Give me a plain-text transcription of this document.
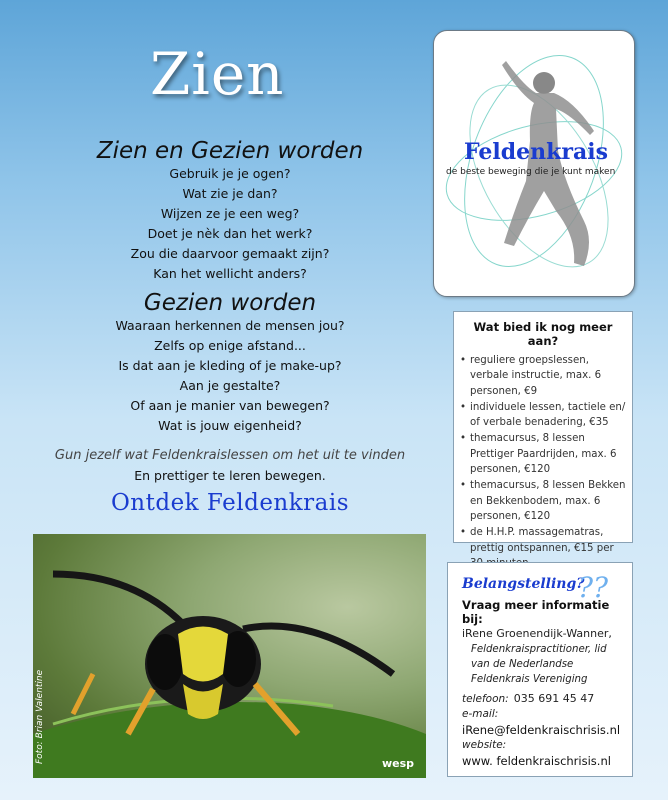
Zien
Zien en Gezien worden
Gebruik je je ogen?
Wat zie je dan?
Wijzen ze je een weg?
Doet je nèk dan het werk?
Zou die daarvoor gemaakt zijn?
Kan het wellicht anders?
Gezien worden
Waaraan herkennen de mensen jou?
Zelfs op enige afstand...
Is dat aan je kleding of je make-up?
Aan je gestalte?
Of aan je manier van bewegen?
Wat is jouw eigenheid?
Gun jezelf wat Feldenkraislessen om het uit te vinden
En prettiger te leren bewegen.
Ontdek Feldenkrais
Feldenkrais
de beste beweging die je kunt maken
Wat bied ik nog meer aan?
• reguliere groepslessen, verbale instructie, max. 6 personen, €9
• individuele lessen, tactiele en/ of verbale benadering, €35
• themacursus, 8 lessen Prettiger Paardrijden, max. 6 personen, €120
• themacursus, 8 lessen Bekken en Bekkenbodem, max. 6 personen, €120
• de H.H.P. massagematras, prettig ontspannen, €15 per
Foto: Brian Valentine	wesp
Belangstelling?
??
Vraag meer informatie bij:
iRene Groenendijk-Wanner,
Feldenkraispractitioner, lid van de Nederlandse Feldenkrais Vereniging
telefoon: 035 691 45 47
e-mail:
iRene@feldenkraischrisis.nl
website:
www. feldenkraischrisis.nl
